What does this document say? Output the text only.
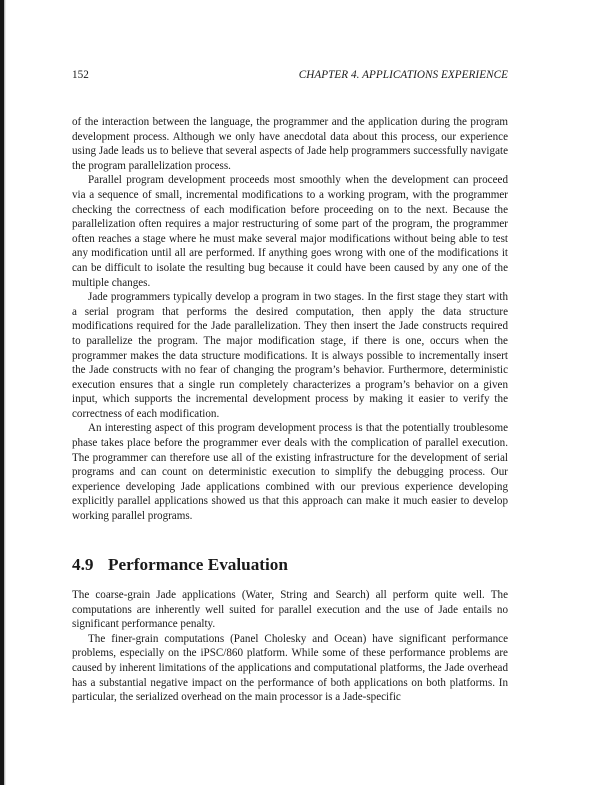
152	CHAPTER 4. APPLICATIONS EXPERIENCE

of the interaction between the language, the programmer and the application during the program development process. Although we only have anecdotal data about this process, our experience using Jade leads us to believe that several aspects of Jade help programmers successfully navigate the program parallelization process.

Parallel program development proceeds most smoothly when the development can proceed via a sequence of small, incremental modifications to a working program, with the programmer checking the correctness of each modification before proceeding on to the next. Because the parallelization often requires a major restructuring of some part of the program, the programmer often reaches a stage where he must make several major modifications without being able to test any modification until all are performed. If anything goes wrong with one of the modifications it can be difficult to isolate the resulting bug because it could have been caused by any one of the multiple changes.

Jade programmers typically develop a program in two stages. In the first stage they start with a serial program that performs the desired computation, then apply the data structure modifications required for the Jade parallelization. They then insert the Jade constructs required to parallelize the program. The major modification stage, if there is one, occurs when the programmer makes the data structure modifications. It is always possible to incrementally insert the Jade constructs with no fear of changing the program’s behavior. Furthermore, deterministic execution ensures that a single run completely characterizes a program’s behavior on a given input, which supports the incremental development process by making it easier to verify the correctness of each modification.

An interesting aspect of this program development process is that the potentially troublesome phase takes place before the programmer ever deals with the complication of parallel execution. The programmer can therefore use all of the existing infrastructure for the development of serial programs and can count on deterministic execution to simplify the debugging process. Our experience developing Jade applications combined with our previous experience developing explicitly parallel applications showed us that this approach can make it much easier to develop working parallel programs.

4.9 Performance Evaluation

The coarse-grain Jade applications (Water, String and Search) all perform quite well. The computations are inherently well suited for parallel execution and the use of Jade entails no significant performance penalty.

The finer-grain computations (Panel Cholesky and Ocean) have significant performance problems, especially on the iPSC/860 platform. While some of these performance problems are caused by inherent limitations of the applications and computational platforms, the Jade overhead has a substantial negative impact on the performance of both applications on both platforms. In particular, the serialized overhead on the main processor is a Jade-specific
